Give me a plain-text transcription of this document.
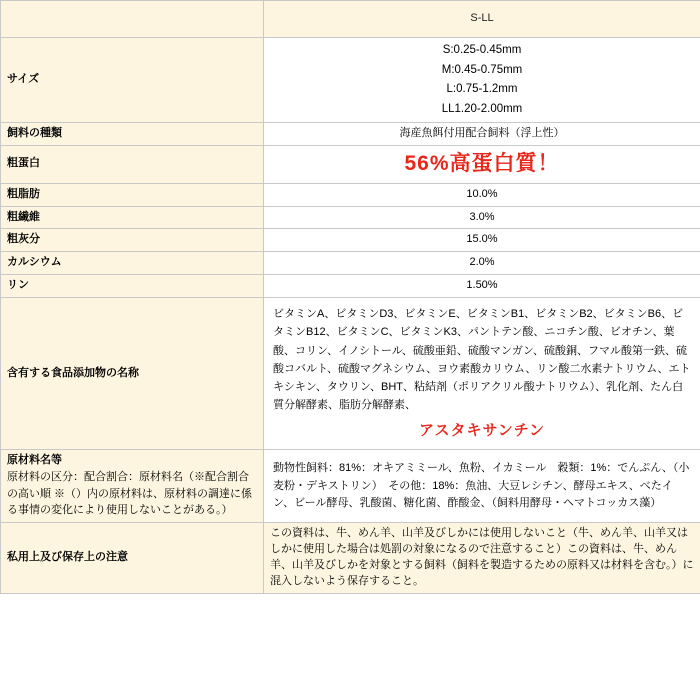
	S-LL
サイズ	S:0.25-0.45mm
M:0.45-0.75mm
L:0.75-1.2mm
LL1.20-2.00mm

飼料の種類	海産魚餌付用配合飼料（浮上性）
粗蛋白	56%高蛋白質！
粗脂肪	10.0%
粗繊維	3.0%
粗灰分	15.0%
カルシウム	2.0%
リン	1.50%
含有する食品添加物の名称	ビタミンA、ビタミンD3、ビタミンE、ビタミンB1、ビタミンB2、ビタミンB6、ビタミンB12、ビタミンC、ビタミンK3、パントテン酸、ニコチン酸、ビオチン、葉酸、コリン、イノシトール、硫酸亜鉛、硫酸マンガン、硫酸銅、フマル酸第一鉄、硫酸コバルト、硫酸マグネシウム、ヨウ素酸カリウム、リン酸二水素ナトリウム、エトキシキン、タウリン、BHT、粘結剤（ポリアクリル酸ナトリウム）、乳化剤、たん白質分解酵素、脂肪分解酵素、
アスタキサンチン

原材料名等
原材料の区分：配合割合：原材料名（※配合割合の高い順 ※（）内の原材料は、原材料の調達に係る事情の変化により使用しないことがある。）	動物性飼料：81%：オキアミミール、魚粉、イカミール　穀類：1%：でんぷん、（小麦粉・デキストリン）　その他：18%：魚油、大豆レシチン、酵母エキス、べたイン、ビール酵母、乳酸菌、糖化菌、酢酸金、（飼料用酵母・ヘマトコッカス藻）
私用上及び保存上の注意	この資料は、牛、めん羊、山羊及びしかには使用しないこと（牛、めん羊、山羊又はしかに使用した場合は処罰の対象になるので注意すること）この資料は、牛、めん羊、山羊及びしかを対象とする飼料（飼料を製造するための原料又は材料を含む。）に混入しないよう保存すること。
